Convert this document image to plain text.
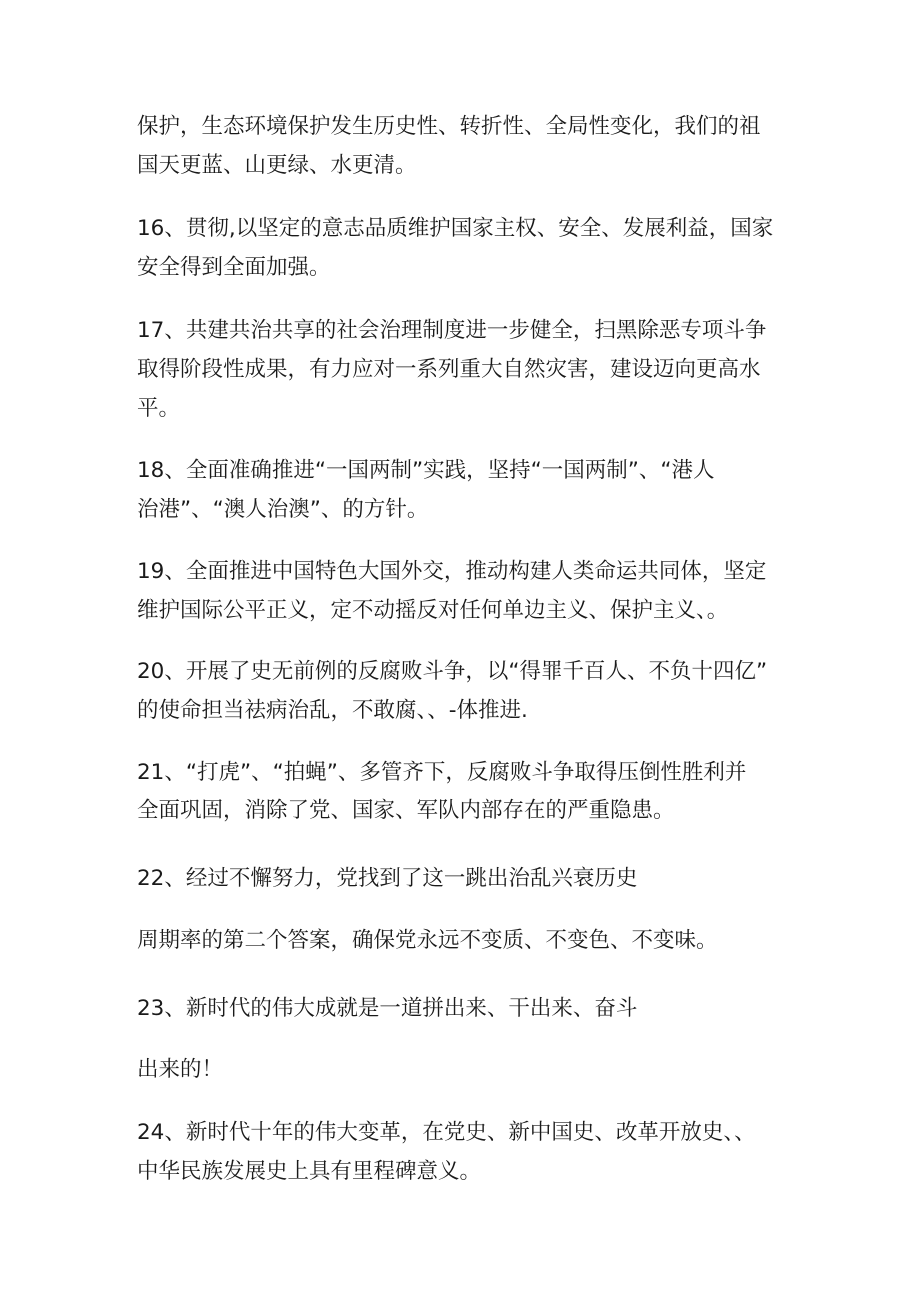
保护，生态环境保护发生历史性、转折性、全局性变化，我们的祖

国天更蓝、山更绿、水更清。

16、贯彻,以坚定的意志品质维护国家主权、安全、发展利益，国家

安全得到全面加强。

17、共建共治共享的社会治理制度进一步健全，扫黑除恶专项斗争

取得阶段性成果，有力应对一系列重大自然灾害，建设迈向更高水

平。

18、全面准确推进“一国两制”实践，坚持“一国两制”、“港人

治港”、“澳人治澳”、的方针。

19、全面推进中国特色大国外交，推动构建人类命运共同体，坚定

维护国际公平正义，定不动摇反对任何单边主义、保护主义、。

20、开展了史无前例的反腐败斗争，以“得罪千百人、不负十四亿”

的使命担当祛病治乱，不敢腐、、-体推进.

21、“打虎”、“拍蝇”、多管齐下，反腐败斗争取得压倒性胜利并

全面巩固，消除了党、国家、军队内部存在的严重隐患。

22、经过不懈努力，党找到了这一跳出治乱兴衰历史

周期率的第二个答案，确保党永远不变质、不变色、不变味。

23、新时代的伟大成就是一道拼出来、干出来、奋斗

出来的！

24、新时代十年的伟大变革，在党史、新中国史、改革开放史、、

中华民族发展史上具有里程碑意义。
